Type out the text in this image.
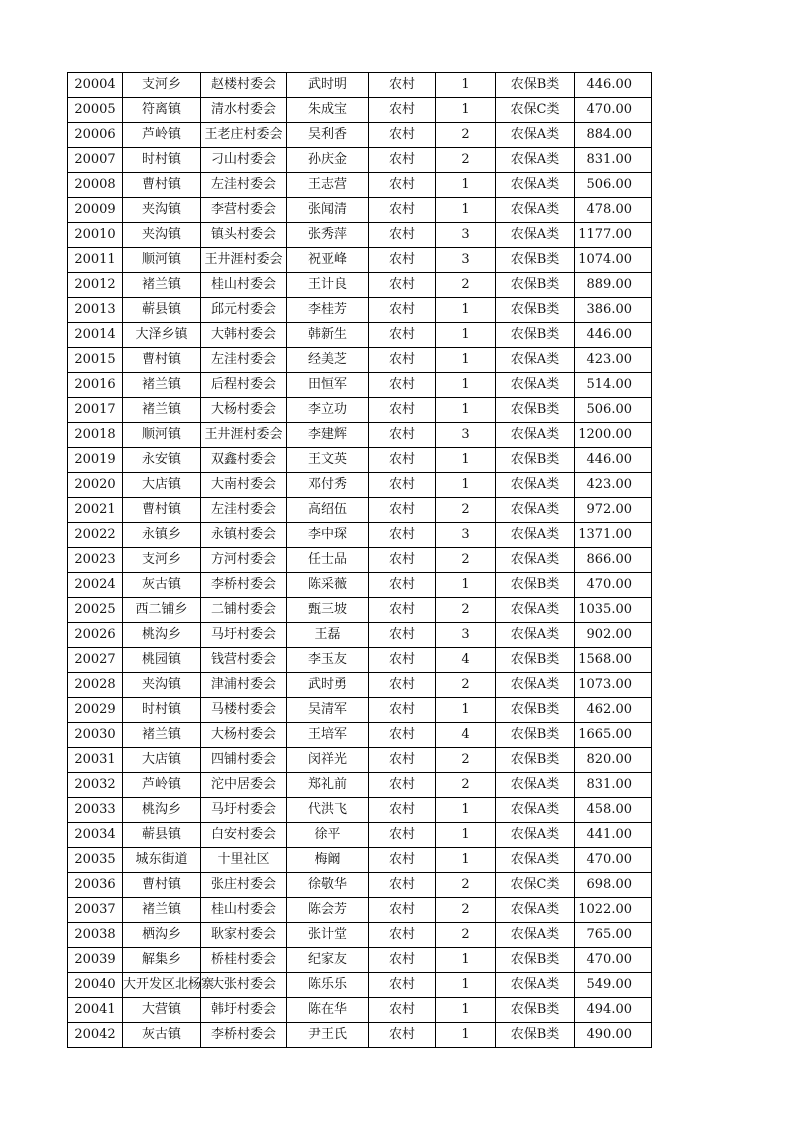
20004	支河乡	赵楼村委会	武时明	农村	1	农保B类	446.00
20005	符离镇	清水村委会	朱成宝	农村	1	农保C类	470.00
20006	芦岭镇	王老庄村委会	吴利香	农村	2	农保A类	884.00
20007	时村镇	刁山村委会	孙庆金	农村	2	农保A类	831.00
20008	曹村镇	左洼村委会	王志营	农村	1	农保A类	506.00
20009	夹沟镇	李营村委会	张闻清	农村	1	农保A类	478.00
20010	夹沟镇	镇头村委会	张秀萍	农村	3	农保A类	1177.00
20011	顺河镇	王井涯村委会	祝亚峰	农村	3	农保B类	1074.00
20012	褚兰镇	桂山村委会	王计良	农村	2	农保B类	889.00
20013	蕲县镇	邱元村委会	李桂芳	农村	1	农保B类	386.00
20014	大泽乡镇	大韩村委会	韩新生	农村	1	农保B类	446.00
20015	曹村镇	左洼村委会	经美芝	农村	1	农保A类	423.00
20016	褚兰镇	后程村委会	田恒军	农村	1	农保A类	514.00
20017	褚兰镇	大杨村委会	李立功	农村	1	农保B类	506.00
20018	顺河镇	王井涯村委会	李建辉	农村	3	农保A类	1200.00
20019	永安镇	双鑫村委会	王文英	农村	1	农保B类	446.00
20020	大店镇	大南村委会	邓付秀	农村	1	农保A类	423.00
20021	曹村镇	左洼村委会	高绍伍	农村	2	农保A类	972.00
20022	永镇乡	永镇村委会	李中琛	农村	3	农保A类	1371.00
20023	支河乡	方河村委会	任士品	农村	2	农保A类	866.00
20024	灰古镇	李桥村委会	陈采薇	农村	1	农保B类	470.00
20025	西二铺乡	二铺村委会	甄三坡	农村	2	农保A类	1035.00
20026	桃沟乡	马圩村委会	王磊	农村	3	农保A类	902.00
20027	桃园镇	钱营村委会	李玉友	农村	4	农保B类	1568.00
20028	夹沟镇	津浦村委会	武时勇	农村	2	农保A类	1073.00
20029	时村镇	马楼村委会	吴清军	农村	1	农保B类	462.00
20030	褚兰镇	大杨村委会	王培军	农村	4	农保B类	1665.00
20031	大店镇	四铺村委会	闵祥光	农村	2	农保B类	820.00
20032	芦岭镇	沱中居委会	郑礼前	农村	2	农保A类	831.00
20033	桃沟乡	马圩村委会	代洪飞	农村	1	农保A类	458.00
20034	蕲县镇	白安村委会	徐平	农村	1	农保A类	441.00
20035	城东街道	十里社区	梅阚	农村	1	农保A类	470.00
20036	曹村镇	张庄村委会	徐敬华	农村	2	农保C类	698.00
20037	褚兰镇	桂山村委会	陈会芳	农村	2	农保A类	1022.00
20038	栖沟乡	耿家村委会	张计堂	农村	2	农保A类	765.00
20039	解集乡	桥桂村委会	纪家友	农村	1	农保B类	470.00
20040	大开发区北杨寨	大张村委会	陈乐乐	农村	1	农保A类	549.00
20041	大营镇	韩圩村委会	陈在华	农村	1	农保B类	494.00
20042	灰古镇	李桥村委会	尹王氏	农村	1	农保B类	490.00
